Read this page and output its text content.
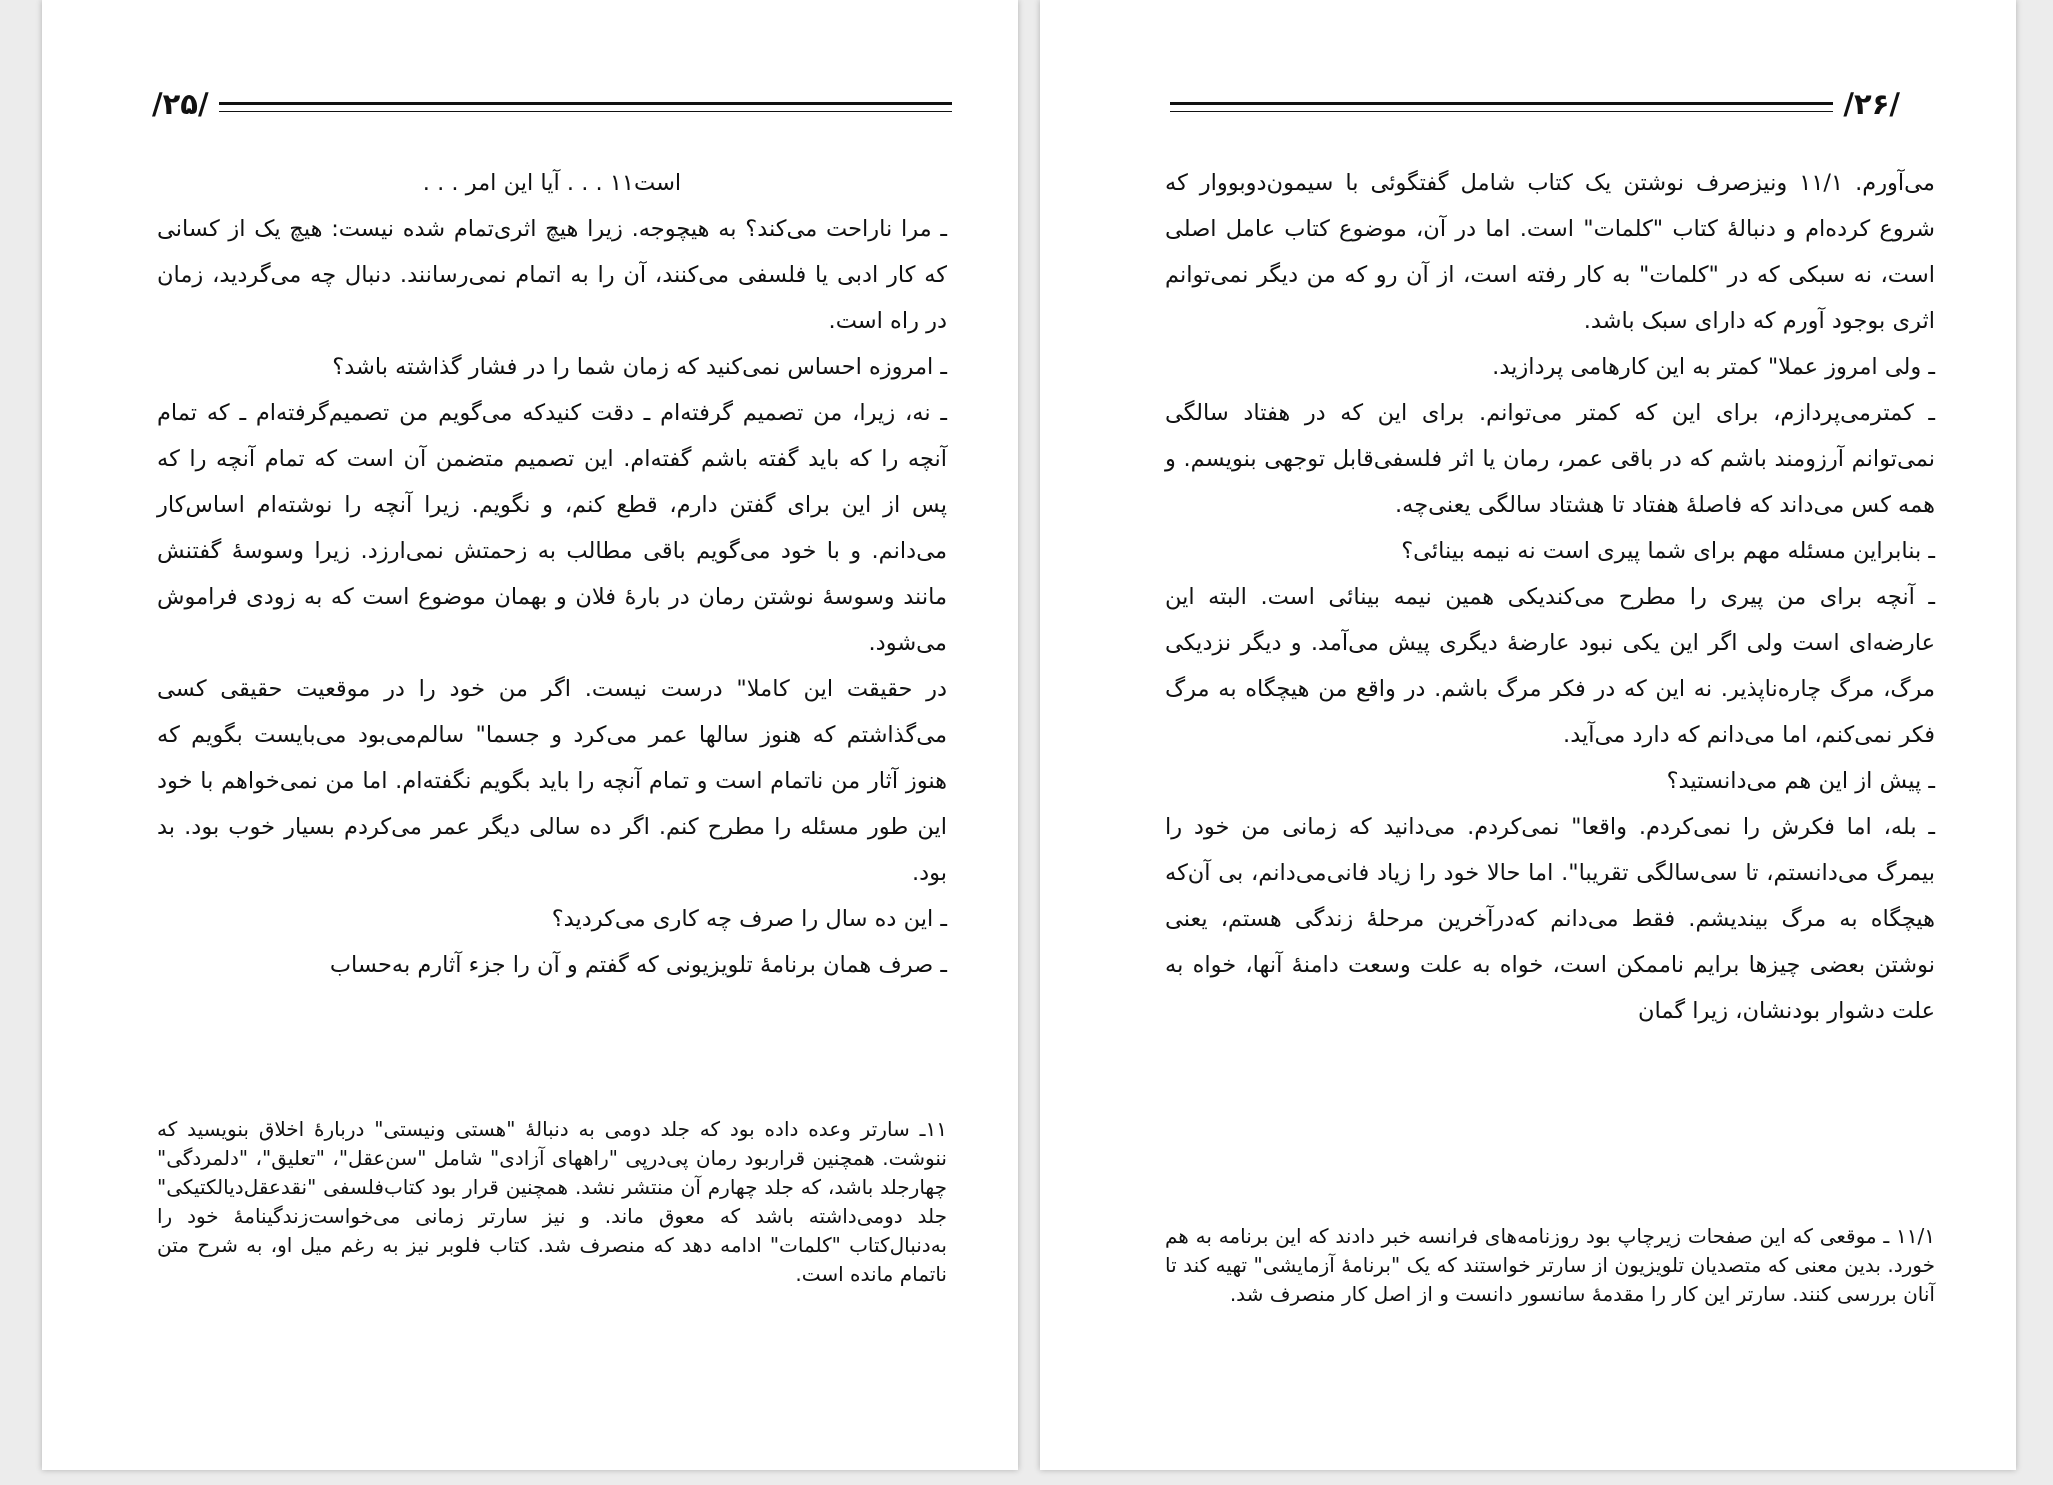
/۲۵/

است۱۱ . . . آیا این امر . . .

ـ مرا ناراحت می‌کند؟ به هیچوجه. زیرا هیچ اثری‌تمام شده نیست: هیچ یک از کسانی که کار ادبی یا فلسفی می‌کنند، آن را به اتمام نمی‌رسانند. دنبال چه می‌گردید، زمان در راه است.

ـ امروزه احساس نمی‌کنید که زمان شما را در فشار گذاشته باشد؟

ـ نه، زیرا، من تصمیم گرفته‌ام ـ دقت کنیدکه می‌گویم من تصمیم‌گرفته‌ام ـ که تمام آنچه را که باید گفته باشم گفته‌ام. این تصمیم متضمن آن است که تمام آنچه را که پس از این برای گفتن دارم، قطع کنم، و نگویم. زیرا آنچه را نوشته‌ام اساس‌کار می‌دانم. و با خود می‌گویم باقی مطالب به زحمتش نمی‌ارزد. زیرا وسوسه‌ٔ گفتنش مانند وسوسه‌ٔ نوشتن رمان در باره‌ٔ فلان و بهمان موضوع است که به زودی فراموش می‌شود.

در حقیقت این کاملا" درست نیست. اگر من خود را در موقعیت حقیقی کسی می‌گذاشتم که هنوز سالها عمر می‌کرد و جسما" سالم‌می‌بود می‌بایست بگویم که هنوز آثار من ناتمام است و تمام آنچه را باید بگویم نگفته‌ام. اما من نمی‌خواهم با خود این طور مسئله را مطرح کنم. اگر ده سالی دیگر عمر می‌کردم بسیار خوب بود. بد بود.

ـ این ده سال را صرف چه کاری می‌کردید؟

ـ صرف همان برنامه‌ٔ تلویزیونی که گفتم و آن را جزء آثارم به‌حساب

۱۱ـ سارتر وعده داده بود که جلد دومی به دنباله‌ٔ "هستی ونیستی" درباره‌ٔ اخلاق بنویسید که ننوشت. همچنین قراربود رمان پی‌درپی "راههای آزادی" شامل "سن‌عقل"، "تعلیق"، "دلمردگی" چهارجلد باشد، که جلد چهارم آن منتشر نشد. همچنین قرار بود کتاب‌فلسفی "نقدعقل‌دیالکتیکی" جلد دومی‌داشته باشد که معوق ماند. و نیز سارتر زمانی می‌خواست‌زندگینامه‌ٔ خود را به‌دنبال‌کتاب "کلمات" ادامه دهد که منصرف شد. کتاب فلوبر نیز به رغم میل او، به شرح متن ناتمام مانده است.

/۲۶/

می‌آورم. ۱۱/۱ ونیزصرف نوشتن یک کتاب شامل گفتگوئی با سیمون‌دوبووار که شروع کرده‌ام و دنباله‌ٔ کتاب "کلمات" است. اما در آن، موضوع کتاب عامل اصلی است، نه سبکی که در "کلمات" به کار رفته است، از آن رو که من دیگر نمی‌توانم اثری بوجود آورم که دارای سبک باشد.

ـ ولی امروز عملا" کمتر به این کارهامی‌ پردازید.

ـ کمترمی‌پردازم، برای این که کمتر می‌توانم. برای این که در هفتاد سالگی نمی‌توانم آرزومند باشم که در باقی عمر، رمان یا اثر فلسفی‌قابل توجهی بنویسم. و همه کس می‌داند که فاصله‌ٔ هفتاد تا هشتاد سالگی یعنی‌چه.

ـ بنابراین مسئله مهم برای شما پیری است نه نیمه بینائی؟

ـ آنچه برای من پیری را مطرح می‌کندیکی همین نیمه بینائی است. البته این عارضه‌ای است ولی اگر این یکی نبود عارضه‌ٔ دیگری پیش می‌آمد. و دیگر نزدیکی مرگ، مرگ چاره‌ناپذیر. نه این که در فکر مرگ باشم. در واقع من هیچگاه به مرگ فکر نمی‌کنم، اما می‌دانم که دارد می‌آید.

ـ پیش از این هم می‌دانستید؟

ـ بله، اما فکرش را نمی‌کردم. واقعا" نمی‌کردم. می‌دانید که زمانی من خود را بیمرگ می‌دانستم، تا سی‌سالگی تقریبا". اما حالا خود را زیاد فانی‌می‌دانم، بی آن‌که هیچگاه به مرگ بیندیشم. فقط می‌دانم که‌درآخرین مرحله‌ٔ زندگی هستم، یعنی نوشتن بعضی چیزها برایم ناممکن است، خواه به علت وسعت دامنه‌ٔ آنها، خواه به علت دشوار بودنشان، زیرا گمان

۱۱/۱ ـ موقعی که این صفحات زیرچاپ بود روزنامه‌های فرانسه خبر دادند که این برنامه به هم خورد. بدین معنی که متصدیان تلویزیون از سارتر خواستند که یک "برنامه‌ٔ آزمایشی" تهیه کند تا آنان بررسی کنند. سارتر این کار را مقدمه‌ٔ سانسور دانست و از اصل کار منصرف شد.
